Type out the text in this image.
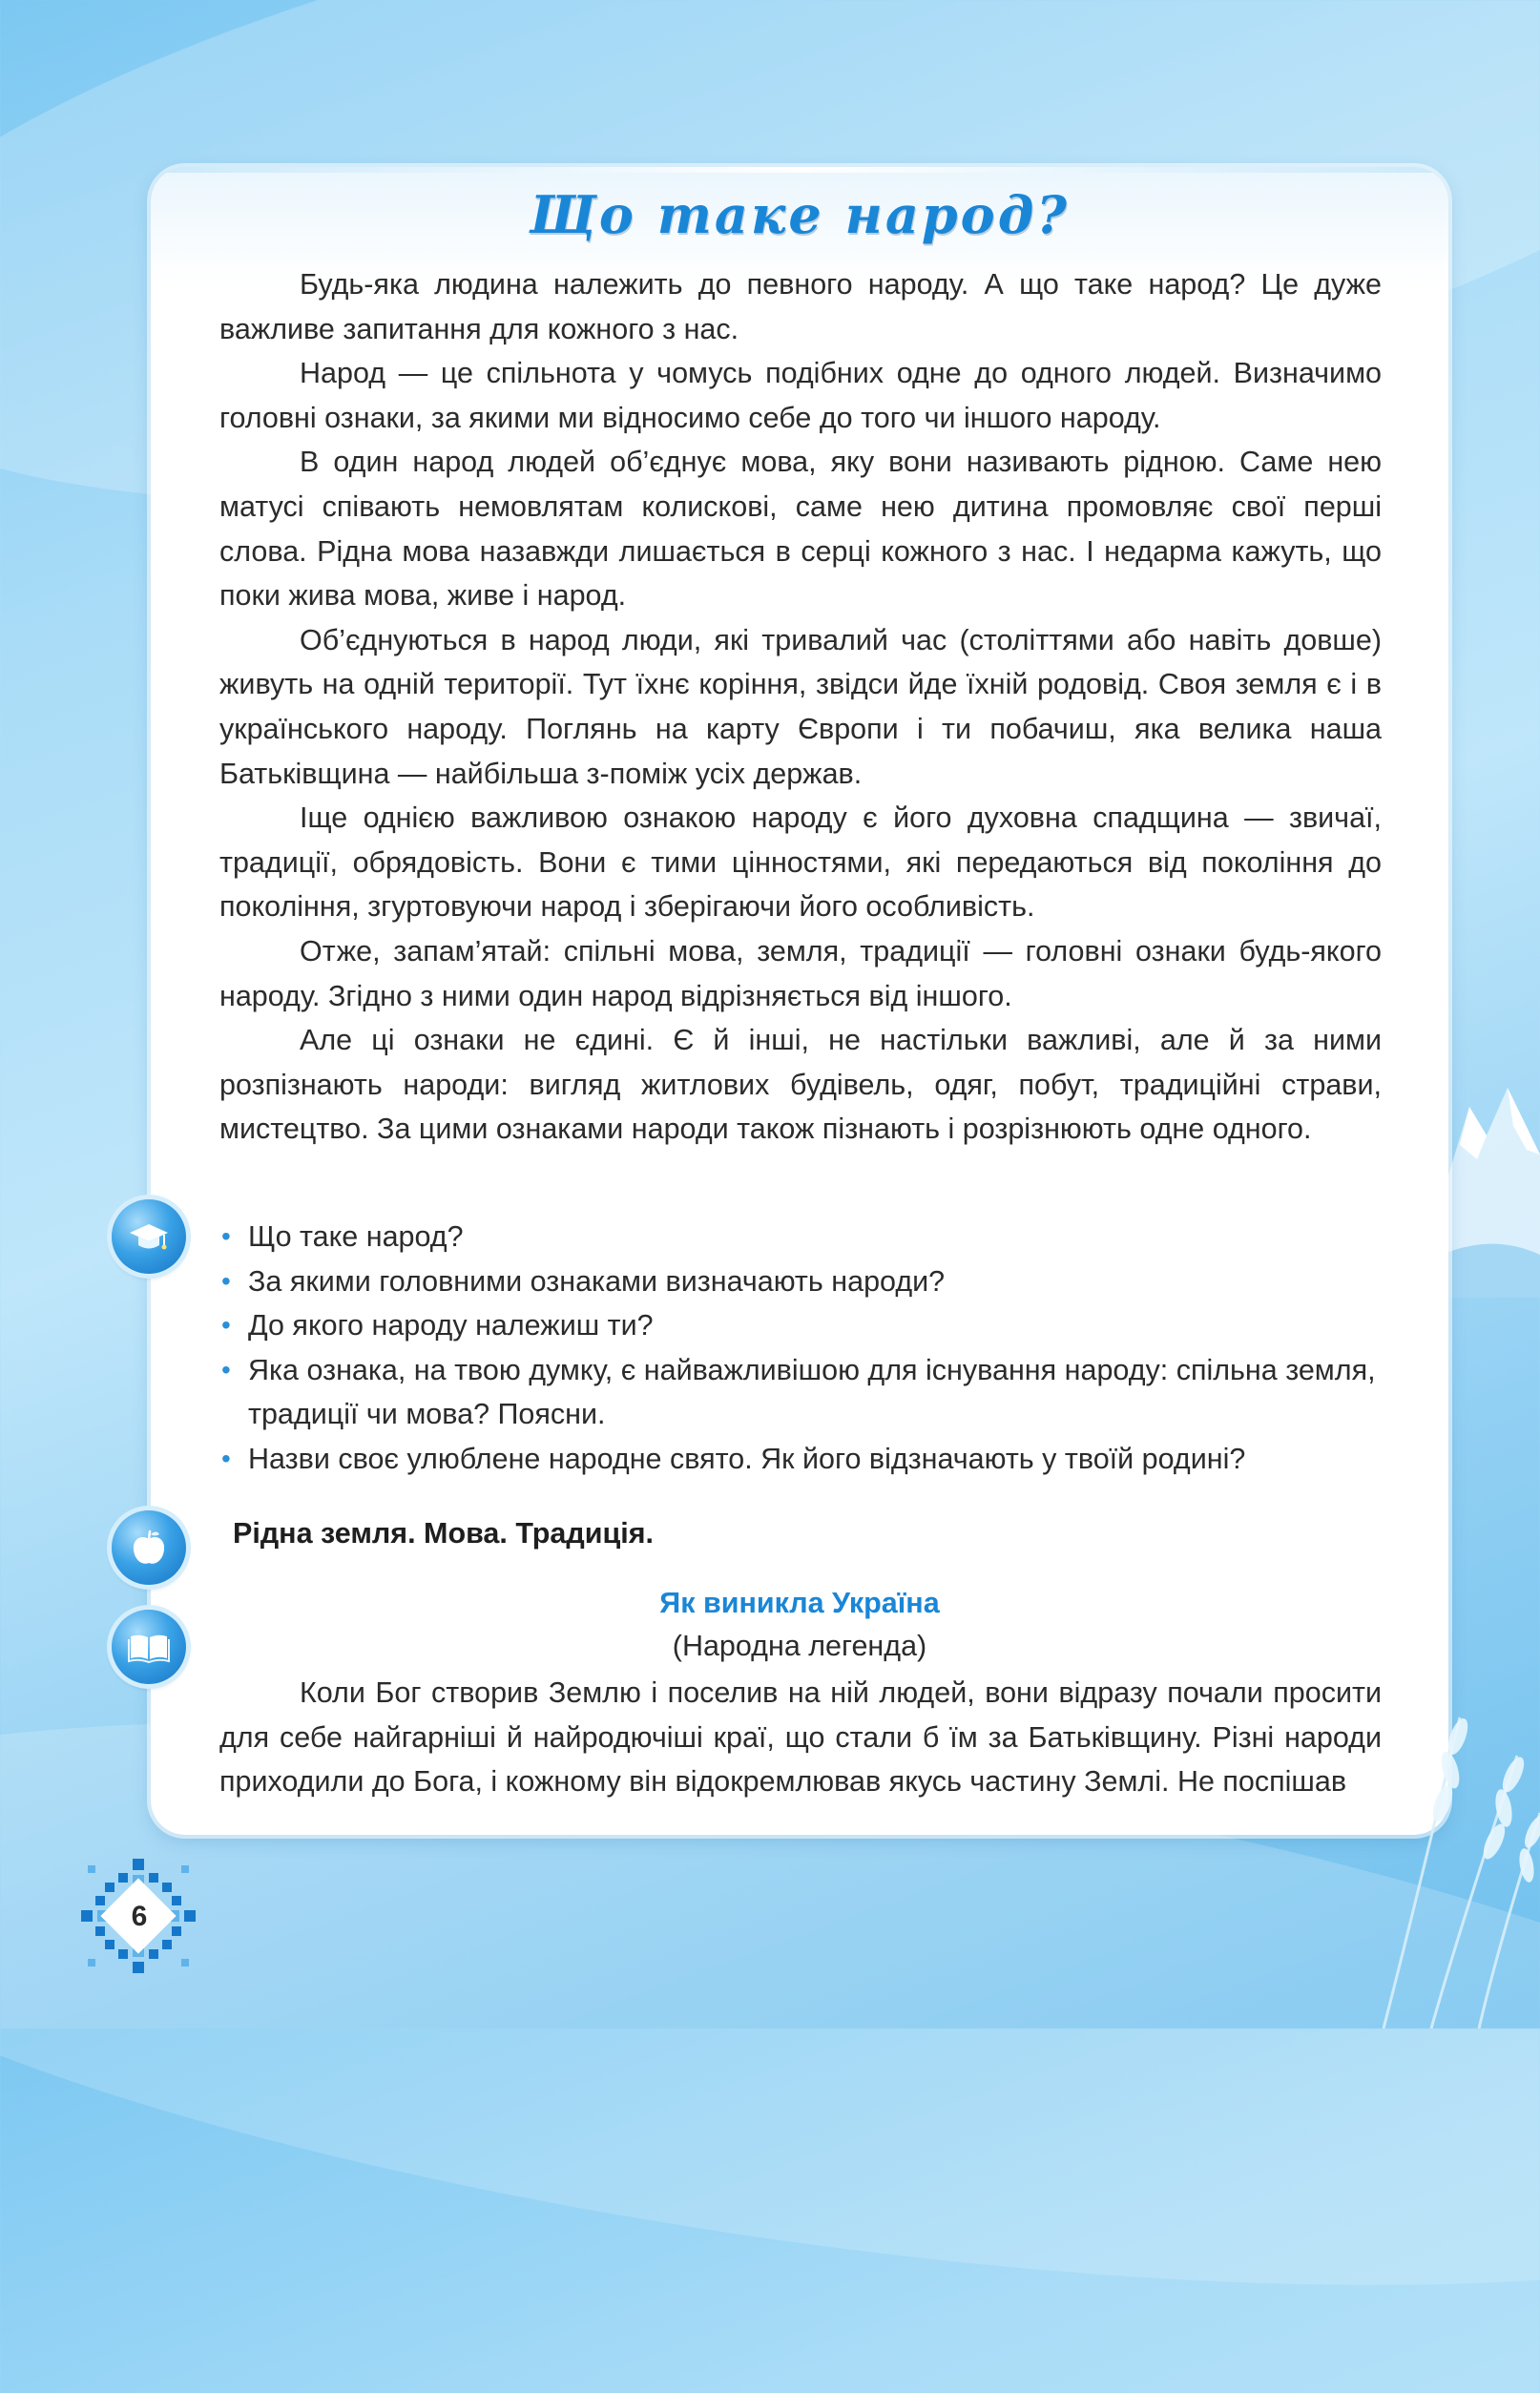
Що таке народ?

Будь-яка людина належить до певного народу. А що таке народ? Це дуже важливе запитання для кожного з нас.

Народ — це спільнота у чомусь подібних одне до одного людей. Визначимо головні ознаки, за якими ми відносимо себе до того чи іншого народу.

В один народ людей об’єднує мова, яку вони називають рідною. Саме нею матусі співають немовлятам колискові, саме нею дитина промовляє свої перші слова. Рідна мова назавжди лишається в серці кожного з нас. І недарма кажуть, що поки жива мова, живе і народ.

Об’єднуються в народ люди, які тривалий час (століттями або навіть довше) живуть на одній території. Тут їхнє коріння, звідси йде їхній родовід. Своя земля є і в українського народу. Поглянь на карту Європи і ти побачиш, яка велика наша Батьківщина — найбільша з-поміж усіх держав.

Іще однією важливою ознакою народу є його духовна спадщина — звичаї, традиції, обрядовість. Вони є тими цінностями, які передаються від покоління до покоління, згуртовуючи народ і зберігаючи його особливість.

Отже, запам’ятай: спільні мова, земля, традиції — головні ознаки будь-якого народу. Згідно з ними один народ відрізняється від іншого.

Але ці ознаки не єдині. Є й інші, не настільки важливі, але й за ними розпізнають народи: вигляд житлових будівель, одяг, побут, традиційні страви, мистецтво. За цими ознаками народи також пізнають і розрізнюють одне одного.

• Що таке народ?
• За якими головними ознаками визначають народи?
• До якого народу належиш ти?
• Яка ознака, на твою думку, є найважливішою для існування народу: спільна земля, традиції чи мова? Поясни.
• Назви своє улюблене народне свято. Як його відзначають у твоїй родині?
Рідна земля. Мова. Традиція.
Як виникла Україна
(Народна легенда)

Коли Бог створив Землю і поселив на ній людей, вони відразу почали просити для себе найгарніші й найродючіші краї, що стали б їм за Батьківщину. Різні народи приходили до Бога, і кожному він відокремлював якусь частину Землі. Не поспішав

6
